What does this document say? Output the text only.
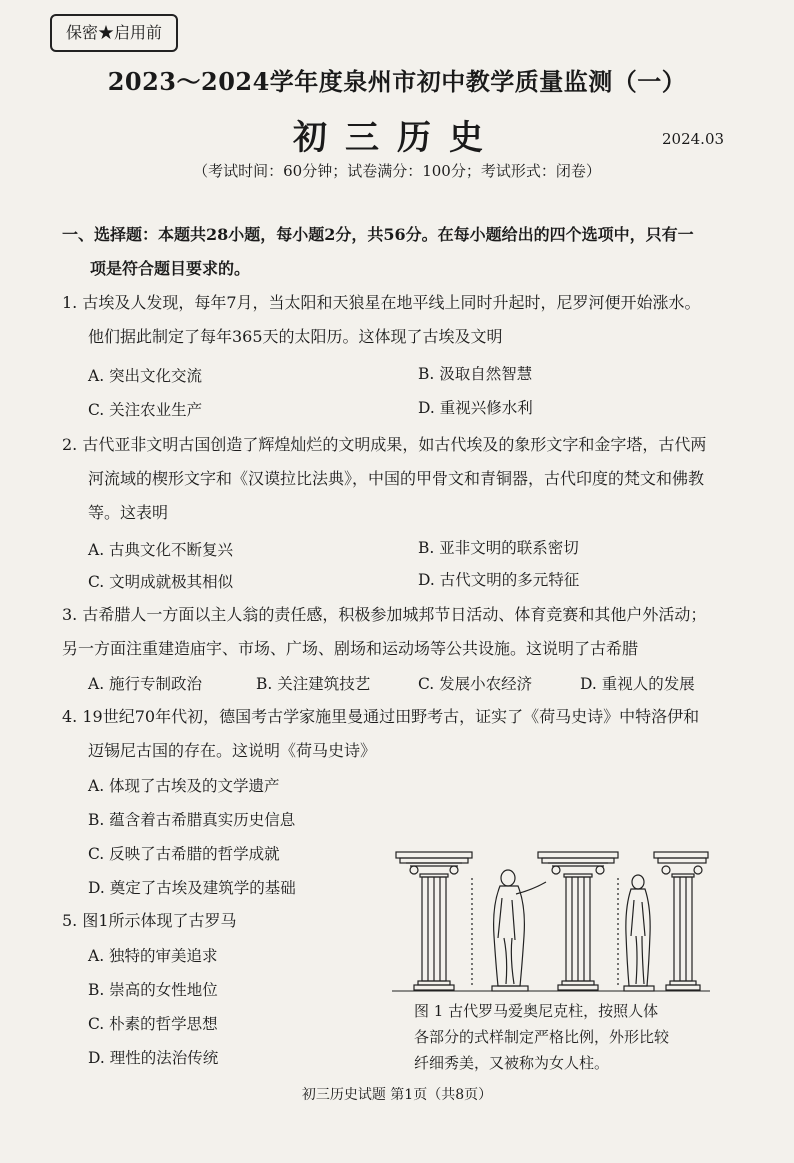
保密★启用前
2023～2024学年度泉州市初中教学质量监测（一）
初三历史	2024.03
（考试时间：60分钟；试卷满分：100分；考试形式：闭卷）
一、选择题：本题共28小题，每小题2分，共56分。在每小题给出的四个选项中，只有一
项是符合题目要求的。
1. 古埃及人发现，每年7月，当太阳和天狼星在地平线上同时升起时，尼罗河便开始涨水。
他们据此制定了每年365天的太阳历。这体现了古埃及文明
A. 突出文化交流	B. 汲取自然智慧
C. 关注农业生产	D. 重视兴修水利
2. 古代亚非文明古国创造了辉煌灿烂的文明成果，如古代埃及的象形文字和金字塔，古代两
河流域的楔形文字和《汉谟拉比法典》，中国的甲骨文和青铜器，古代印度的梵文和佛教
等。这表明
A. 古典文化不断复兴	B. 亚非文明的联系密切
C. 文明成就极其相似	D. 古代文明的多元特征
3. 古希腊人一方面以主人翁的责任感，积极参加城邦节日活动、体育竞赛和其他户外活动；
另一方面注重建造庙宇、市场、广场、剧场和运动场等公共设施。这说明了古希腊
A. 施行专制政治	B. 关注建筑技艺	C. 发展小农经济	D. 重视人的发展
4. 19世纪70年代初，德国考古学家施里曼通过田野考古，证实了《荷马史诗》中特洛伊和
迈锡尼古国的存在。这说明《荷马史诗》
A. 体现了古埃及的文学遗产
B. 蕴含着古希腊真实历史信息
C. 反映了古希腊的哲学成就
D. 奠定了古埃及建筑学的基础
5. 图1所示体现了古罗马
A. 独特的审美追求
B. 崇高的女性地位
C. 朴素的哲学思想
D. 理性的法治传统
图 1 古代罗马爱奥尼克柱，按照人体
各部分的式样制定严格比例，外形比较
纤细秀美，又被称为女人柱。
初三历史试题 第1页（共8页）
